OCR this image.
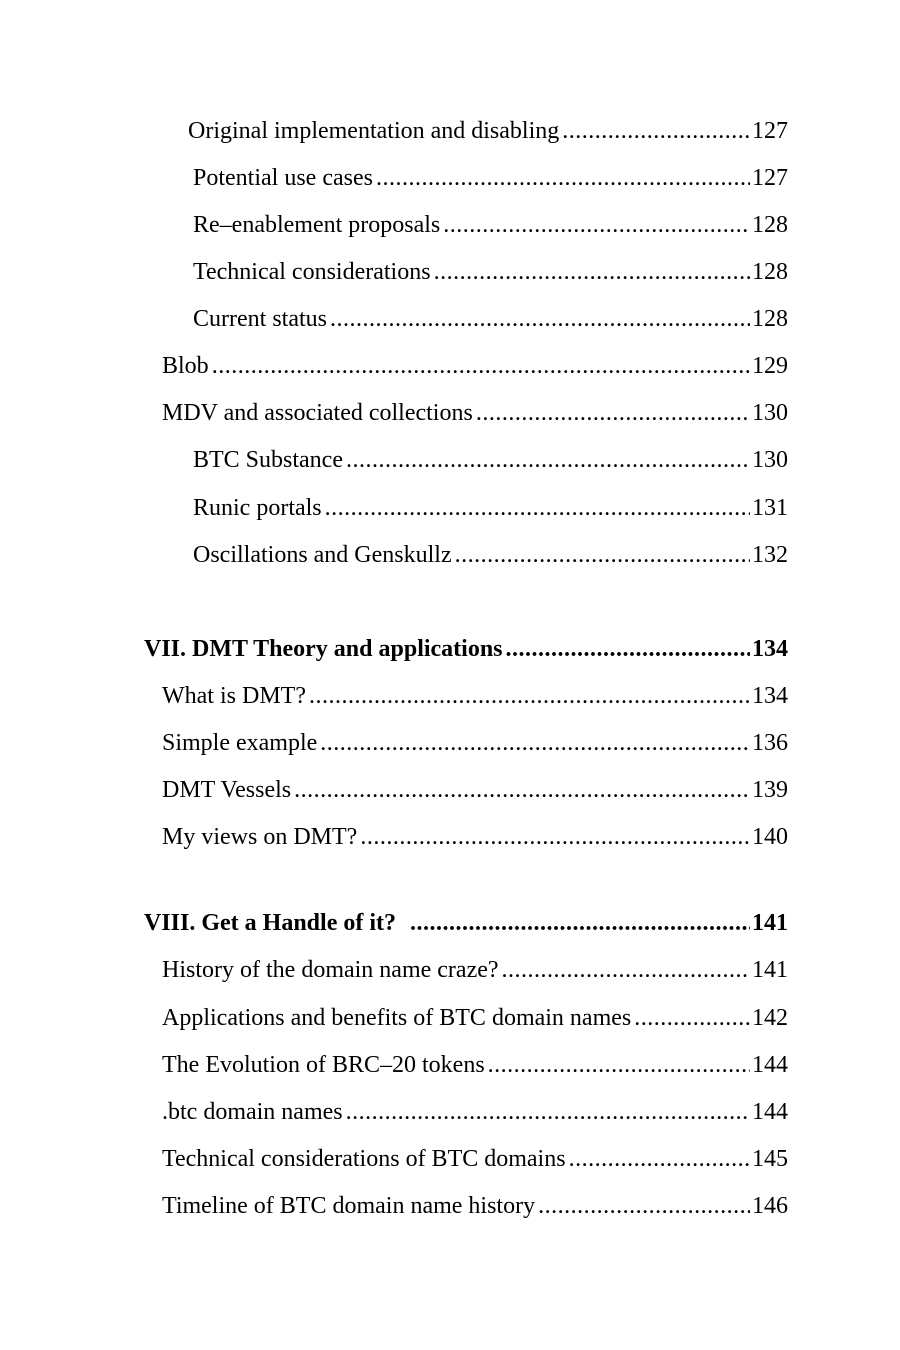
Original implementation and disabling .....	127
Potential use cases .....	127
Re–enablement proposals .....	128
Technical considerations .....	128
Current status .....	128
Blob .....	129
MDV and associated collections .....	130
BTC Substance .....	130
Runic portals .....	131
Oscillations and Genskullz .....	132
VII. DMT Theory and applications .....	134
What is DMT? .....	134
Simple example .....	136
DMT Vessels .....	139
My views on DMT? .....	140
VIII. Get a Handle of it? .....	141
History of the domain name craze? .....	141
Applications and benefits of BTC domain names .....	142
The Evolution of BRC–20 tokens .....	144
.btc domain names .....	144
Technical considerations of BTC domains .....	145
Timeline of BTC domain name history .....	146
